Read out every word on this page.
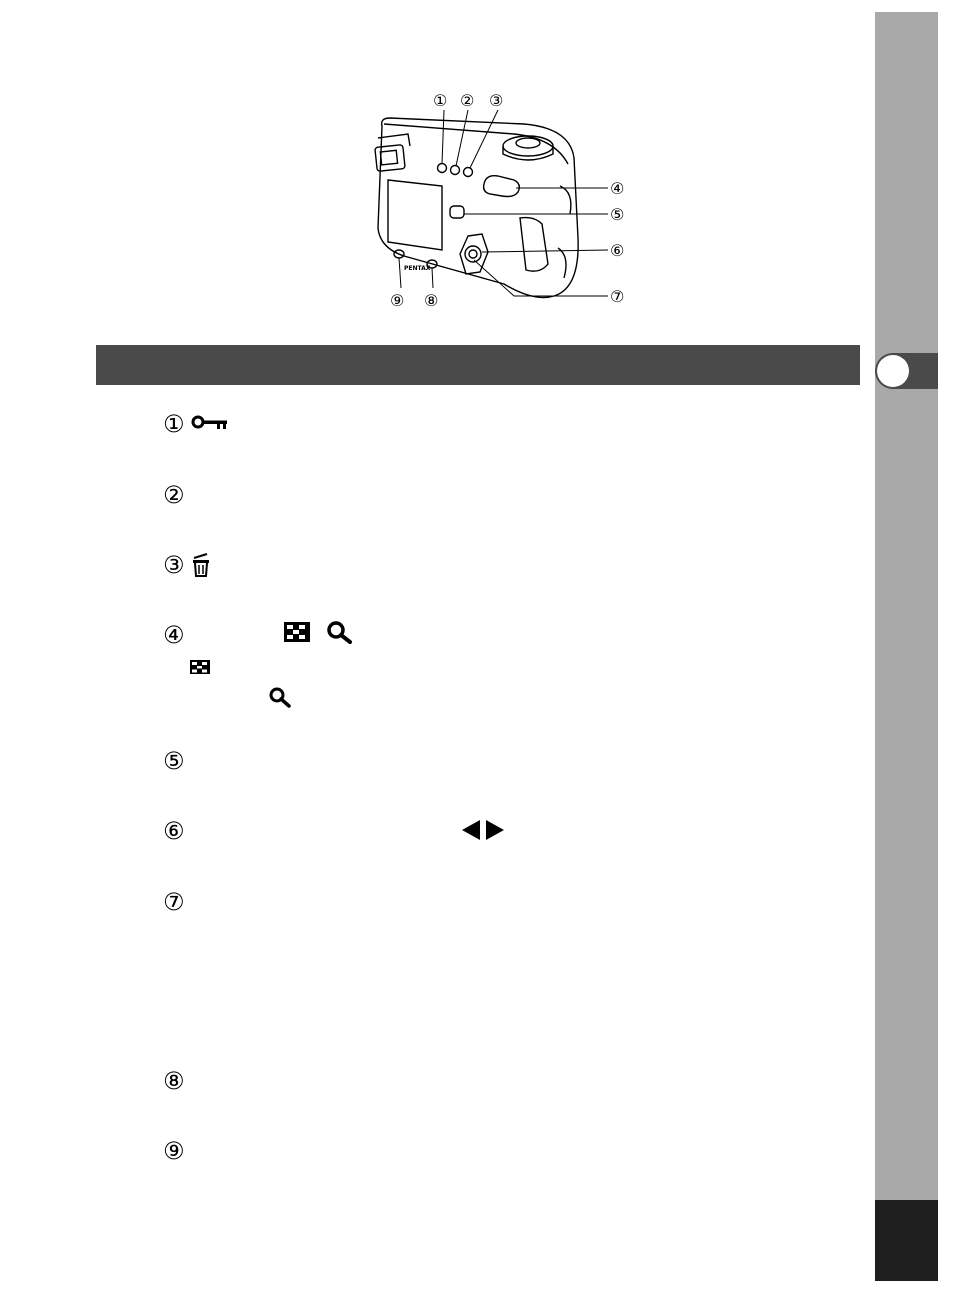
PENTAX
① ② ③
④
⑤
⑥
⑦
⑨ ⑧
①
②
③
④
⑤
⑥
⑦
⑧
⑨
